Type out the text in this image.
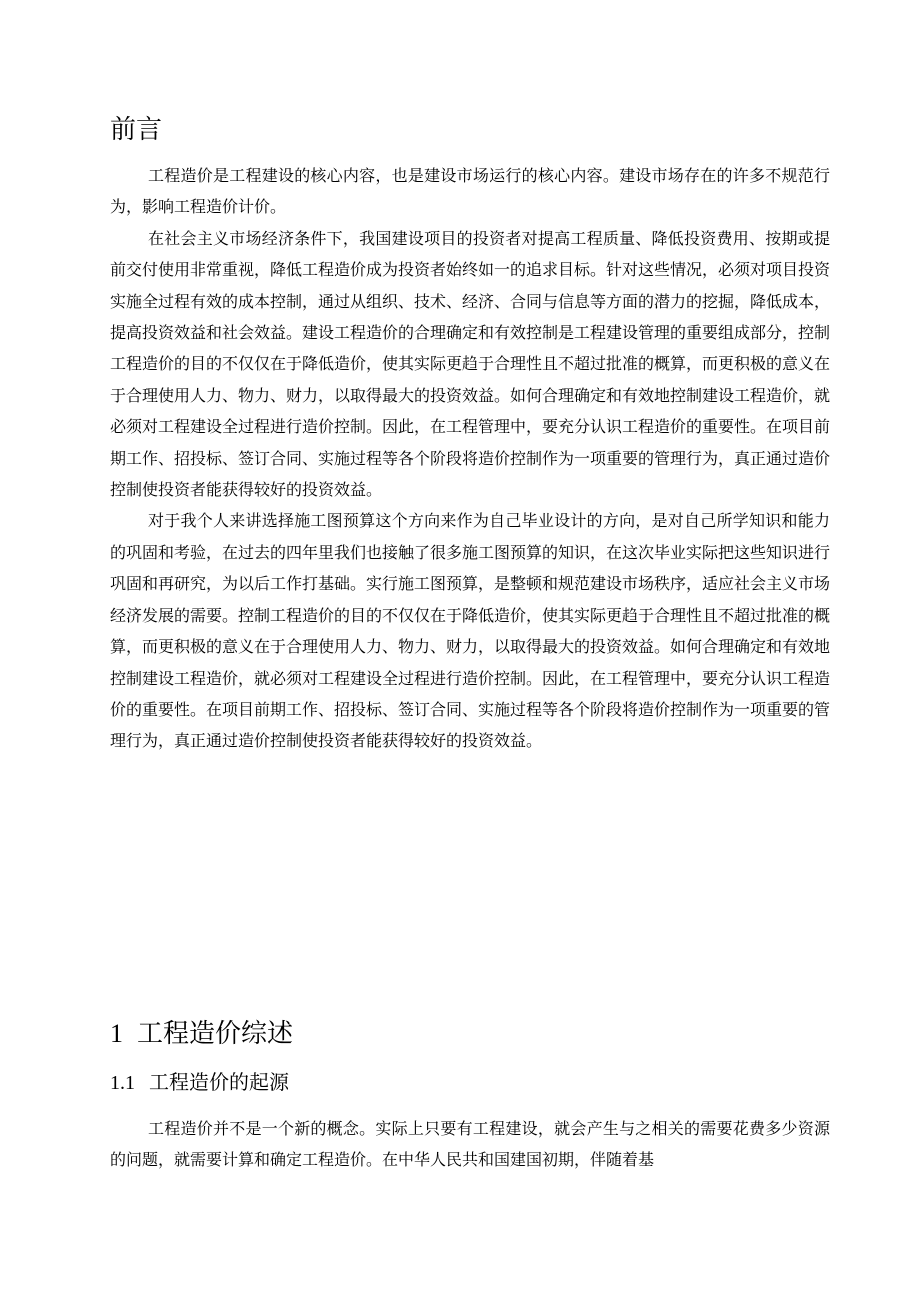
前言

工程造价是工程建设的核心内容，也是建设市场运行的核心内容。建设市场存在的许多不规范行为，影响工程造价计价。

在社会主义市场经济条件下，我国建设项目的投资者对提高工程质量、降低投资费用、按期或提前交付使用非常重视，降低工程造价成为投资者始终如一的追求目标。针对这些情况，必须对项目投资实施全过程有效的成本控制，通过从组织、技术、经济、合同与信息等方面的潜力的挖掘，降低成本，提高投资效益和社会效益。建设工程造价的合理确定和有效控制是工程建设管理的重要组成部分，控制工程造价的目的不仅仅在于降低造价，使其实际更趋于合理性且不超过批准的概算，而更积极的意义在于合理使用人力、物力、财力，以取得最大的投资效益。如何合理确定和有效地控制建设工程造价，就必须对工程建设全过程进行造价控制。因此，在工程管理中，要充分认识工程造价的重要性。在项目前期工作、招投标、签订合同、实施过程等各个阶段将造价控制作为一项重要的管理行为，真正通过造价控制使投资者能获得较好的投资效益。

对于我个人来讲选择施工图预算这个方向来作为自己毕业设计的方向，是对自己所学知识和能力的巩固和考验，在过去的四年里我们也接触了很多施工图预算的知识，在这次毕业实际把这些知识进行巩固和再研究，为以后工作打基础。实行施工图预算，是整顿和规范建设市场秩序，适应社会主义市场经济发展的需要。控制工程造价的目的不仅仅在于降低造价，使其实际更趋于合理性且不超过批准的概算，而更积极的意义在于合理使用人力、物力、财力，以取得最大的投资效益。如何合理确定和有效地控制建设工程造价，就必须对工程建设全过程进行造价控制。因此，在工程管理中，要充分认识工程造价的重要性。在项目前期工作、招投标、签订合同、实施过程等各个阶段将造价控制作为一项重要的管理行为，真正通过造价控制使投资者能获得较好的投资效益。

1 工程造价综述
1.1 工程造价的起源

工程造价并不是一个新的概念。实际上只要有工程建设，就会产生与之相关的需要花费多少资源的问题，就需要计算和确定工程造价。在中华人民共和国建国初期，伴随着基
